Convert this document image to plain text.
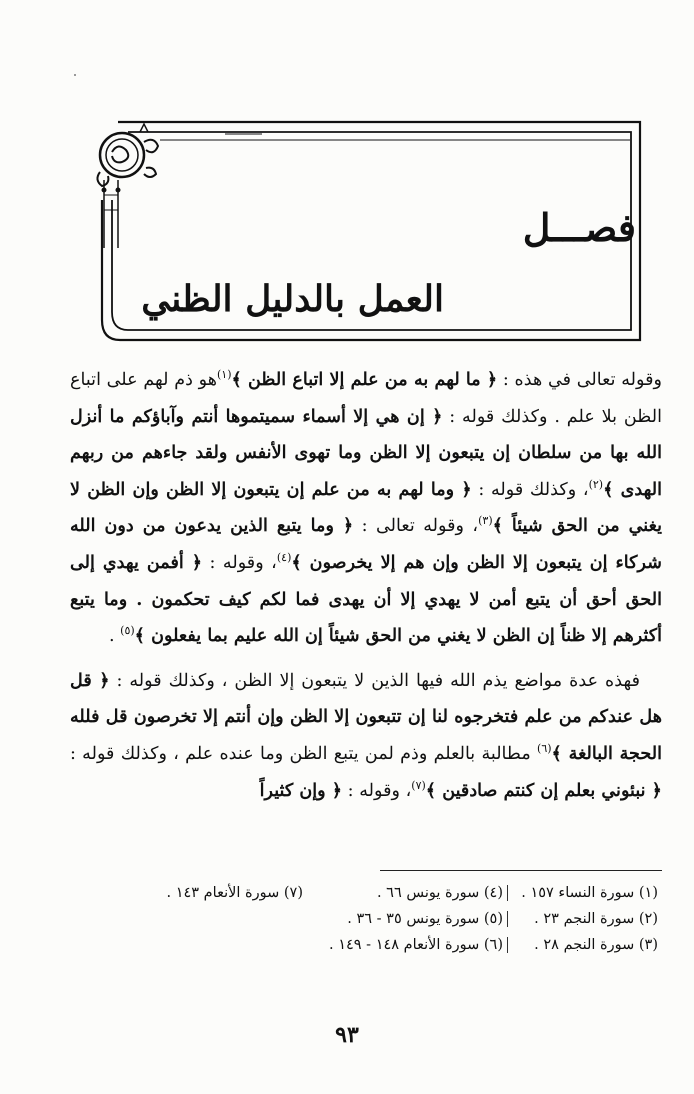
فصـــل
العمل بالدليل الظني

وقوله تعالى في هذه : ﴿ ما لهم به من علم إلا اتباع الظن ﴾$^{(١)}$هو ذم لهم على اتباع الظن بلا علم . وكذلك قوله : ﴿ إن هي إلا أسماء سميتموها أنتم وآباؤكم ما أنزل الله بها من سلطان إن يتبعون إلا الظن وما تهوى الأنفس ولقد جاءهم من ربهم الهدى ﴾$^{(٢)}$، وكذلك قوله : ﴿ وما لهم به من علم إن يتبعون إلا الظن وإن الظن لا يغني من الحق شيئاً ﴾$^{(٣)}$، وقوله تعالى : ﴿ وما يتبع الذين يدعون من دون الله شركاء إن يتبعون إلا الظن وإن هم إلا يخرصون ﴾$^{(٤)}$، وقوله : ﴿ أفمن يهدي إلى الحق أحق أن يتبع أمن لا يهدي إلا أن يهدى فما لكم كيف تحكمون . وما يتبع أكثرهم إلا ظناً إن الظن لا يغني من الحق شيئاً إن الله عليم بما يفعلون ﴾$^{(٥)}$ .

فهذه عدة مواضع يذم الله فيها الذين لا يتبعون إلا الظن ، وكذلك قوله : ﴿ قل هل عندكم من علم فتخرجوه لنا إن تتبعون إلا الظن وإن أنتم إلا تخرصون قل فلله الحجة البالغة ﴾$^{(٦)}$ مطالبة بالعلم وذم لمن يتبع الظن وما عنده علم ، وكذلك قوله : ﴿ نبئوني بعلم إن كنتم صادقين ﴾$^{(٧)}$، وقوله : ﴿ وإن كثيراً

(١) سورة النساء ١٥٧ .
(٤) سورة يونس ٦٦ .
(٧) سورة الأنعام ١٤٣ .
(٢) سورة النجم ٢٣ .
(٥) سورة يونس ٣٥ - ٣٦ .
(٣) سورة النجم ٢٨ .
(٦) سورة الأنعام ١٤٨ - ١٤٩ .
٩٣
